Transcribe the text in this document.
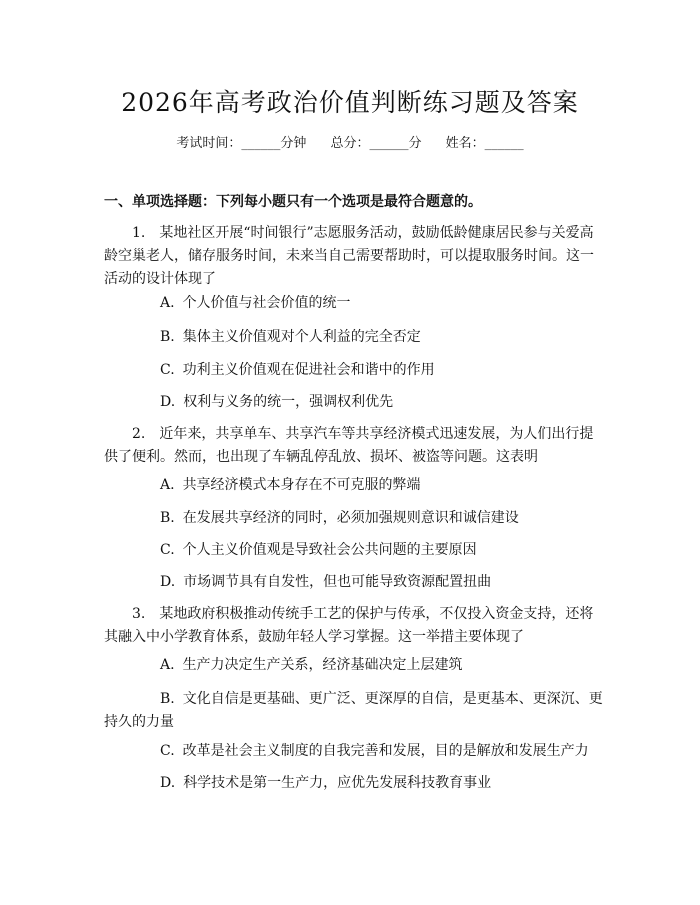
2026年高考政治价值判断练习题及答案
考试时间：______分钟 总分：______分 姓名：______
一、单项选择题：下列每小题只有一个选项是最符合题意的。
1.　某地社区开展“时间银行”志愿服务活动，鼓励低龄健康居民参与关爱高龄空巢老人，储存服务时间，未来当自己需要帮助时，可以提取服务时间。这一活动的设计体现了
A. 个人价值与社会价值的统一
B. 集体主义价值观对个人利益的完全否定
C. 功利主义价值观在促进社会和谐中的作用
D. 权利与义务的统一，强调权利优先
2.　近年来，共享单车、共享汽车等共享经济模式迅速发展，为人们出行提供了便利。然而，也出现了车辆乱停乱放、损坏、被盗等问题。这表明
A. 共享经济模式本身存在不可克服的弊端
B. 在发展共享经济的同时，必须加强规则意识和诚信建设
C. 个人主义价值观是导致社会公共问题的主要原因
D. 市场调节具有自发性，但也可能导致资源配置扭曲
3.　某地政府积极推动传统手工艺的保护与传承，不仅投入资金支持，还将其融入中小学教育体系，鼓励年轻人学习掌握。这一举措主要体现了
A. 生产力决定生产关系，经济基础决定上层建筑
B. 文化自信是更基础、更广泛、更深厚的自信，是更基本、更深沉、更持久的力量
C. 改革是社会主义制度的自我完善和发展，目的是解放和发展生产力
D. 科学技术是第一生产力，应优先发展科技教育事业
